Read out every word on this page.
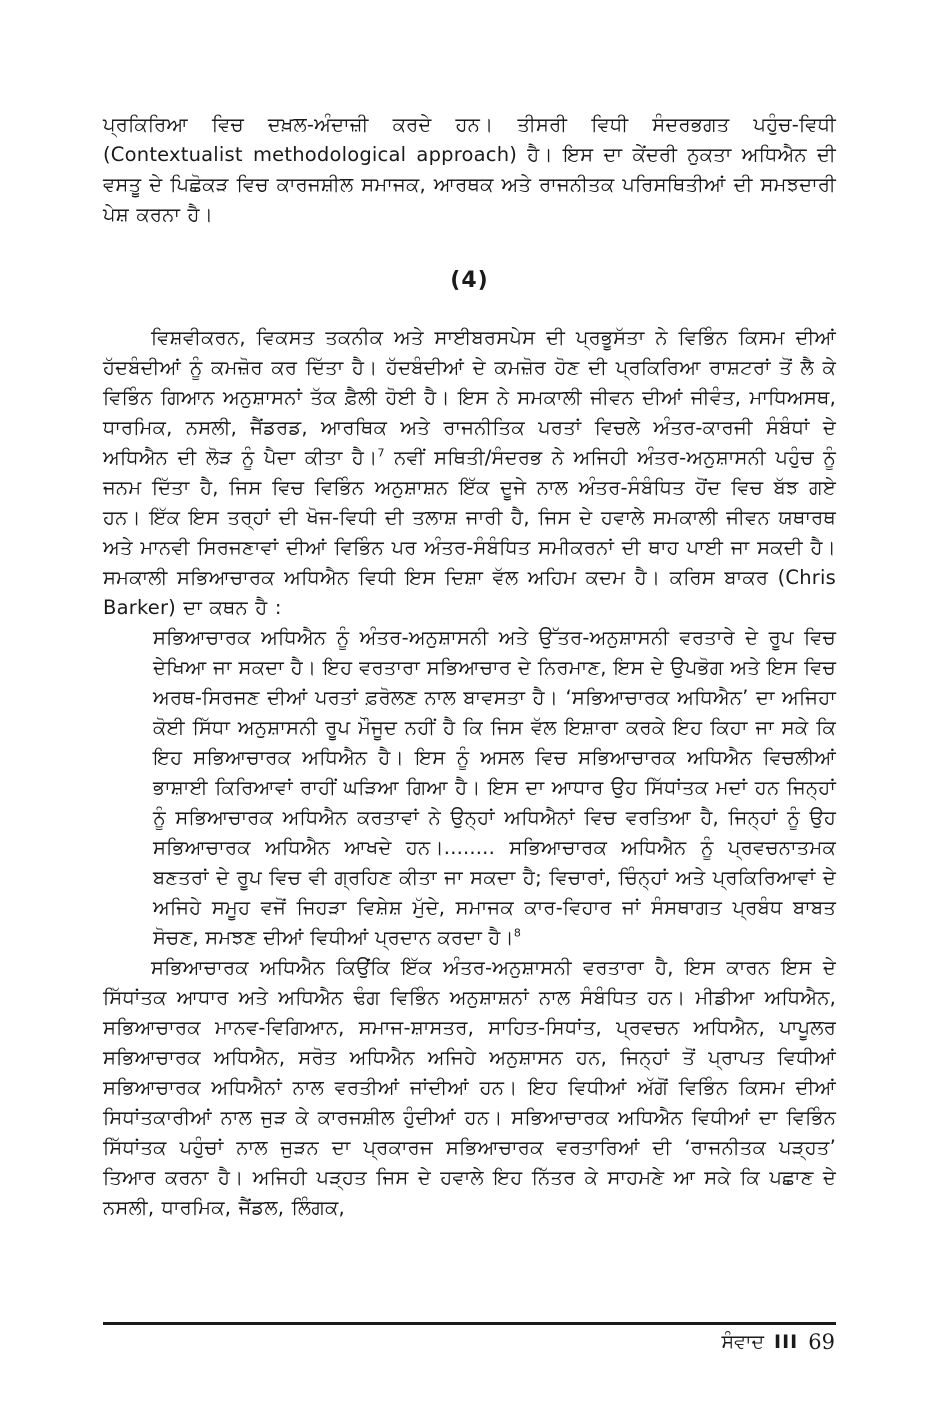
ਪ੍ਰਕਿਰਿਆ ਵਿਚ ਦਖ਼ਲ-ਅੰਦਾਜ਼ੀ ਕਰਦੇ ਹਨ। ਤੀਸਰੀ ਵਿਧੀ ਸੰਦਰਭਗਤ ਪਹੁੰਚ-ਵਿਧੀ (Contextualist methodological approach) ਹੈ। ਇਸ ਦਾ ਕੇਂਦਰੀ ਨੁਕਤਾ ਅਧਿਐਨ ਦੀ ਵਸਤੂ ਦੇ ਪਿਛੋਕੜ ਵਿਚ ਕਾਰਜਸ਼ੀਲ ਸਮਾਜਕ, ਆਰਥਕ ਅਤੇ ਰਾਜਨੀਤਕ ਪਰਿਸਥਿਤੀਆਂ ਦੀ ਸਮਝਦਾਰੀ ਪੇਸ਼ ਕਰਨਾ ਹੈ।

(4)

ਵਿਸ਼ਵੀਕਰਨ, ਵਿਕਸਤ ਤਕਨੀਕ ਅਤੇ ਸਾਈਬਰਸਪੇਸ ਦੀ ਪ੍ਰਭੂਸੱਤਾ ਨੇ ਵਿਭਿੰਨ ਕਿਸਮ ਦੀਆਂ ਹੱਦਬੰਦੀਆਂ ਨੂੰ ਕਮਜ਼ੋਰ ਕਰ ਦਿੱਤਾ ਹੈ। ਹੱਦਬੰਦੀਆਂ ਦੇ ਕਮਜ਼ੋਰ ਹੋਣ ਦੀ ਪ੍ਰਕਿਰਿਆ ਰਾਸ਼ਟਰਾਂ ਤੋਂ ਲੈ ਕੇ ਵਿਭਿੰਨ ਗਿਆਨ ਅਨੁਸ਼ਾਸਨਾਂ ਤੱਕ ਫ਼ੈਲੀ ਹੋਈ ਹੈ। ਇਸ ਨੇ ਸਮਕਾਲੀ ਜੀਵਨ ਦੀਆਂ ਜੀਵੰਤ, ਮਾਧਿਅਸਥ, ਧਾਰਮਿਕ, ਨਸਲੀ, ਜੈਂਡਰਡ, ਆਰਥਿਕ ਅਤੇ ਰਾਜਨੀਤਿਕ ਪਰਤਾਂ ਵਿਚਲੇ ਅੰਤਰ-ਕਾਰਜੀ ਸੰਬੰਧਾਂ ਦੇ ਅਧਿਐਨ ਦੀ ਲੋੜ ਨੂੰ ਪੈਦਾ ਕੀਤਾ ਹੈ।$^7$ ਨਵੀਂ ਸਥਿਤੀ/ਸੰਦਰਭ ਨੇ ਅਜਿਹੀ ਅੰਤਰ-ਅਨੁਸ਼ਾਸਨੀ ਪਹੁੰਚ ਨੂੰ ਜਨਮ ਦਿੱਤਾ ਹੈ, ਜਿਸ ਵਿਚ ਵਿਭਿੰਨ ਅਨੁਸ਼ਾਸ਼ਨ ਇੱਕ ਦੂਜੇ ਨਾਲ ਅੰਤਰ-ਸੰਬੰਧਿਤ ਹੋਂਦ ਵਿਚ ਬੱਝ ਗਏ ਹਨ। ਇੱਕ ਇਸ ਤਰ੍ਹਾਂ ਦੀ ਖੋਜ-ਵਿਧੀ ਦੀ ਤਲਾਸ਼ ਜਾਰੀ ਹੈ, ਜਿਸ ਦੇ ਹਵਾਲੇ ਸਮਕਾਲੀ ਜੀਵਨ ਯਥਾਰਥ ਅਤੇ ਮਾਨਵੀ ਸਿਰਜਣਾਵਾਂ ਦੀਆਂ ਵਿਭਿੰਨ ਪਰ ਅੰਤਰ-ਸੰਬੰਧਿਤ ਸਮੀਕਰਨਾਂ ਦੀ ਥਾਹ ਪਾਈ ਜਾ ਸਕਦੀ ਹੈ। ਸਮਕਾਲੀ ਸਭਿਆਚਾਰਕ ਅਧਿਐਨ ਵਿਧੀ ਇਸ ਦਿਸ਼ਾ ਵੱਲ ਅਹਿਮ ਕਦਮ ਹੈ। ਕਰਿਸ ਬਾਕਰ (Chris Barker) ਦਾ ਕਥਨ ਹੈ :

ਸਭਿਆਚਾਰਕ ਅਧਿਐਨ ਨੂੰ ਅੰਤਰ-ਅਨੁਸ਼ਾਸਨੀ ਅਤੇ ਉੱਤਰ-ਅਨੁਸ਼ਾਸਨੀ ਵਰਤਾਰੇ ਦੇ ਰੂਪ ਵਿਚ ਦੇਖਿਆ ਜਾ ਸਕਦਾ ਹੈ। ਇਹ ਵਰਤਾਰਾ ਸਭਿਆਚਾਰ ਦੇ ਨਿਰਮਾਣ, ਇਸ ਦੇ ਉਪਭੋਗ ਅਤੇ ਇਸ ਵਿਚ ਅਰਥ-ਸਿਰਜਣ ਦੀਆਂ ਪਰਤਾਂ ਫ਼ਰੋਲਣ ਨਾਲ ਬਾਵਸਤਾ ਹੈ। ‘ਸਭਿਆਚਾਰਕ ਅਧਿਐਨ’ ਦਾ ਅਜਿਹਾ ਕੋਈ ਸਿੱਧਾ ਅਨੁਸ਼ਾਸਨੀ ਰੂਪ ਮੌਜੂਦ ਨਹੀਂ ਹੈ ਕਿ ਜਿਸ ਵੱਲ ਇਸ਼ਾਰਾ ਕਰਕੇ ਇਹ ਕਿਹਾ ਜਾ ਸਕੇ ਕਿ ਇਹ ਸਭਿਆਚਾਰਕ ਅਧਿਐਨ ਹੈ। ਇਸ ਨੂੰ ਅਸਲ ਵਿਚ ਸਭਿਆਚਾਰਕ ਅਧਿਐਨ ਵਿਚਲੀਆਂ ਭਾਸ਼ਾਈ ਕਿਰਿਆਵਾਂ ਰਾਹੀਂ ਘੜਿਆ ਗਿਆ ਹੈ। ਇਸ ਦਾ ਆਧਾਰ ਉਹ ਸਿੱਧਾਂਤਕ ਮਦਾਂ ਹਨ ਜਿਨ੍ਹਾਂ ਨੂੰ ਸਭਿਆਚਾਰਕ ਅਧਿਐਨ ਕਰਤਾਵਾਂ ਨੇ ਉਨ੍ਹਾਂ ਅਧਿਐਨਾਂ ਵਿਚ ਵਰਤਿਆ ਹੈ, ਜਿਨ੍ਹਾਂ ਨੂੰ ਉਹ ਸਭਿਆਚਾਰਕ ਅਧਿਐਨ ਆਖਦੇ ਹਨ।........ ਸਭਿਆਚਾਰਕ ਅਧਿਐਨ ਨੂੰ ਪ੍ਰਵਚਨਾਤਮਕ ਬਣਤਰਾਂ ਦੇ ਰੂਪ ਵਿਚ ਵੀ ਗ੍ਰਹਿਣ ਕੀਤਾ ਜਾ ਸਕਦਾ ਹੈ; ਵਿਚਾਰਾਂ, ਚਿੰਨ੍ਹਾਂ ਅਤੇ ਪ੍ਰਕਿਰਿਆਵਾਂ ਦੇ ਅਜਿਹੇ ਸਮੂਹ ਵਜੋਂ ਜਿਹੜਾ ਵਿਸ਼ੇਸ਼ ਮੁੱਦੇ, ਸਮਾਜਕ ਕਾਰ-ਵਿਹਾਰ ਜਾਂ ਸੰਸਥਾਗਤ ਪ੍ਰਬੰਧ ਬਾਬਤ ਸੋਚਣ, ਸਮਝਣ ਦੀਆਂ ਵਿਧੀਆਂ ਪ੍ਰਦਾਨ ਕਰਦਾ ਹੈ।$^8$

ਸਭਿਆਚਾਰਕ ਅਧਿਐਨ ਕਿਉਂਕਿ ਇੱਕ ਅੰਤਰ-ਅਨੁਸ਼ਾਸਨੀ ਵਰਤਾਰਾ ਹੈ, ਇਸ ਕਾਰਨ ਇਸ ਦੇ ਸਿੱਧਾਂਤਕ ਆਧਾਰ ਅਤੇ ਅਧਿਐਨ ਢੰਗ ਵਿਭਿੰਨ ਅਨੁਸ਼ਾਸ਼ਨਾਂ ਨਾਲ ਸੰਬੰਧਿਤ ਹਨ। ਮੀਡੀਆ ਅਧਿਐਨ, ਸਭਿਆਚਾਰਕ ਮਾਨਵ-ਵਿਗਿਆਨ, ਸਮਾਜ-ਸ਼ਾਸਤਰ, ਸਾਹਿਤ-ਸਿਧਾਂਤ, ਪ੍ਰਵਚਨ ਅਧਿਐਨ, ਪਾਪੂਲਰ ਸਭਿਆਚਾਰਕ ਅਧਿਐਨ, ਸਰੋਤ ਅਧਿਐਨ ਅਜਿਹੇ ਅਨੁਸ਼ਾਸਨ ਹਨ, ਜਿਨ੍ਹਾਂ ਤੋਂ ਪ੍ਰਾਪਤ ਵਿਧੀਆਂ ਸਭਿਆਚਾਰਕ ਅਧਿਐਨਾਂ ਨਾਲ ਵਰਤੀਆਂ ਜਾਂਦੀਆਂ ਹਨ। ਇਹ ਵਿਧੀਆਂ ਅੱਗੋਂ ਵਿਭਿੰਨ ਕਿਸਮ ਦੀਆਂ ਸਿਧਾਂਤਕਾਰੀਆਂ ਨਾਲ ਜੁੜ ਕੇ ਕਾਰਜਸ਼ੀਲ ਹੁੰਦੀਆਂ ਹਨ। ਸਭਿਆਚਾਰਕ ਅਧਿਐਨ ਵਿਧੀਆਂ ਦਾ ਵਿਭਿੰਨ ਸਿੱਧਾਂਤਕ ਪਹੁੰਚਾਂ ਨਾਲ ਜੁੜਨ ਦਾ ਪ੍ਰਕਾਰਜ ਸਭਿਆਚਾਰਕ ਵਰਤਾਰਿਆਂ ਦੀ ‘ਰਾਜਨੀਤਕ ਪੜ੍ਹਤ’ ਤਿਆਰ ਕਰਨਾ ਹੈ। ਅਜਿਹੀ ਪੜ੍ਹਤ ਜਿਸ ਦੇ ਹਵਾਲੇ ਇਹ ਨਿੱਤਰ ਕੇ ਸਾਹਮਣੇ ਆ ਸਕੇ ਕਿ ਪਛਾਣ ਦੇ ਨਸਲੀ, ਧਾਰਮਿਕ, ਜੈਂਡਲ, ਲਿੰਗਕ,

ਸੰਵਾਦ III 69
